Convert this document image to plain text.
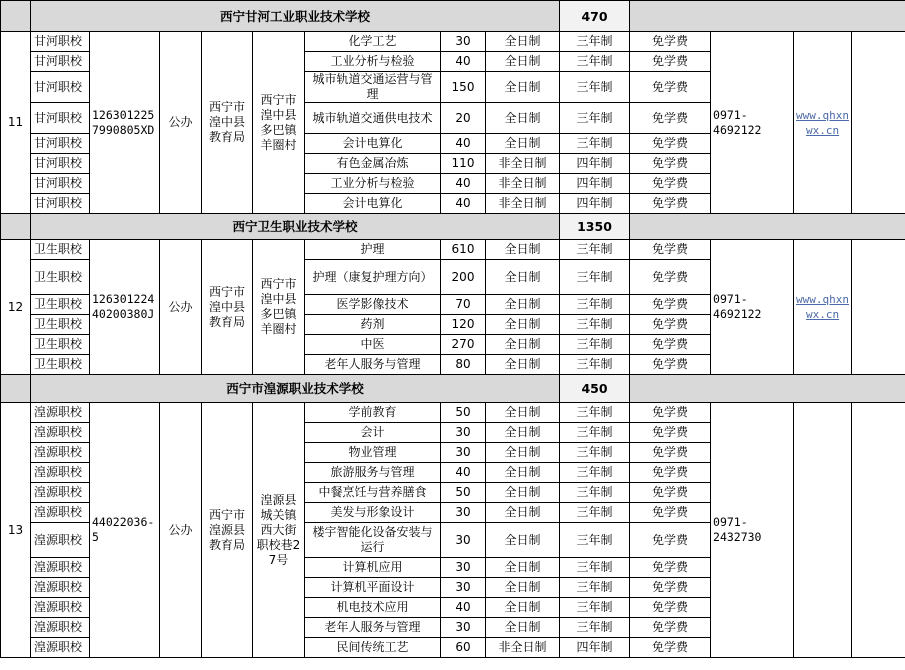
	西宁甘河工业职业技术学校								470				
11	甘河职校	1263012257990805XD	公办	西宁市湟中县教育局	西宁市湟中县多巴镇羊圈村	化学工艺	30	全日制	三年制	免学费	0971-4692122	www.qhxnwx.cn	
	甘河职校					工业分析与检验	40	全日制	三年制	免学费			
	甘河职校					城市轨道交通运营与管理	150	全日制	三年制	免学费			
	甘河职校					城市轨道交通供电技术	20	全日制	三年制	免学费			
	甘河职校					会计电算化	40	全日制	三年制	免学费			
	甘河职校					有色金属冶炼	110	非全日制	四年制	免学费			
	甘河职校					工业分析与检验	40	非全日制	四年制	免学费			
	甘河职校					会计电算化	40	非全日制	四年制	免学费			
	西宁卫生职业技术学校								1350				
12	卫生职校	126301224402003​80J	公办	西宁市湟中县教育局	西宁市湟中县多巴镇羊圈村	护理	610	全日制	三年制	免学费	0971-4692122	www.qhxnwx.cn	
	卫生职校					护理（康复护理方向）	200	全日制	三年制	免学费			
	卫生职校					医学影像技术	70	全日制	三年制	免学费			
	卫生职校					药剂	120	全日制	三年制	免学费			
	卫生职校					中医	270	全日制	三年制	免学费			
	卫生职校					老年人服务与管理	80	全日制	三年制	免学费			
	西宁市湟源职业技术学校								450				
13	湟源职校	44022036-5	公办	西宁市湟源县教育局	湟源县城关镇西大街职校巷27号	学前教育	50	全日制	三年制	免学费	0971-2432730		
	湟源职校					会计	30	全日制	三年制	免学费			
	湟源职校					物业管理	30	全日制	三年制	免学费			
	湟源职校					旅游服务与管理	40	全日制	三年制	免学费			
	湟源职校					中餐烹饪与营养膳食	50	全日制	三年制	免学费			
	湟源职校					美发与形象设计	30	全日制	三年制	免学费			
	湟源职校					楼宇智能化设备安装与运行	30	全日制	三年制	免学费			
	湟源职校					计算机应用	30	全日制	三年制	免学费			
	湟源职校					计算机平面设计	30	全日制	三年制	免学费			
	湟源职校					机电技术应用	40	全日制	三年制	免学费			
	湟源职校					老年人服务与管理	30	全日制	三年制	免学费			
	湟源职校					民间传统工艺	60	非全日制	四年制	免学费			
